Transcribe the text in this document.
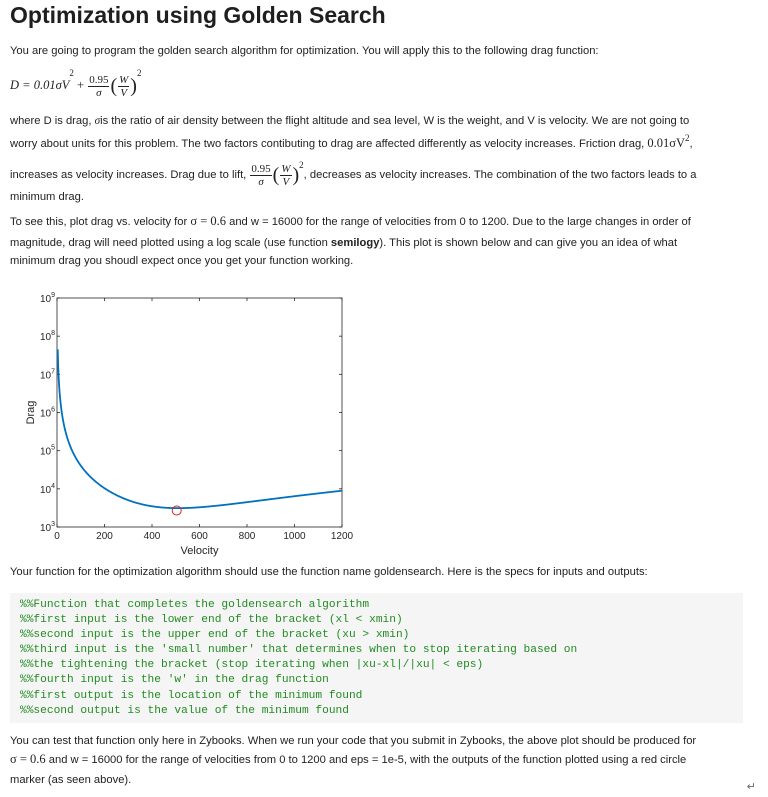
Optimization using Golden Search

You are going to program the golden search algorithm for optimization. You will apply this to the following drag function:

$D = 0.01\sigma V^2 + \frac{0.95}{\sigma}$ ( $\frac{W}{V} )^2$

where D is drag, σis the ratio of air density between the flight altitude and sea level, W is the weight, and V is velocity. We are not going to

worry about units for this problem. The two factors contibuting to drag are affected differently as velocity increases. Friction drag, $0.01\sigma V^2$,

increases as velocity increases. Drag due to lift, $\frac{0.95}{\sigma}$ ( $\frac{W}{V} )^2$, decreases as velocity increases. The combination of the two factors leads to a

minimum drag.

To see this, plot drag vs. velocity for σ = 0.6 and w = 16000 for the range of velocities from 0 to 1200. Due to the large changes in order of

magnitude, drag will need plotted using a log scale (use function semilogy). This plot is shown below and can give you an idea of what

minimum drag you shoudl expect once you get your function working.

0	200	400	600	800	1000	1200
$10^3$
$10^4$
$10^5$
$10^6$
$10^7$
$10^8$
$10^9$
Velocity
Drag

Your function for the optimization algorithm should use the function name goldensearch. Here is the specs for inputs and outputs:

%%Function that completes the goldensearch algorithm
%%first input is the lower end of the bracket (xl < xmin)
%%second input is the upper end of the bracket (xu > xmin)
%%third input is the 'small number' that determines when to stop iterating based on
%%the tightening the bracket (stop iterating when |xu-xl|/|xu| < eps)
%%fourth input is the 'w' in the drag function
%%first output is the location of the minimum found
%%second output is the value of the minimum found

You can test that function only here in Zybooks. When we run your code that you submit in Zybooks, the above plot should be produced for

σ = 0.6 and w = 16000 for the range of velocities from 0 to 1200 and eps = 1e-5, with the outputs of the function plotted using a red circle

marker (as seen above).

↵
